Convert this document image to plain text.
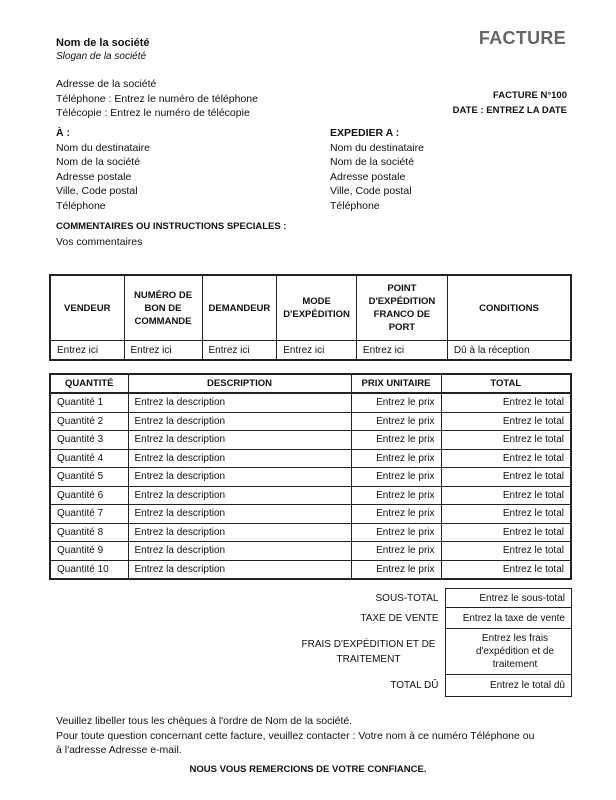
Nom de la société
Slogan de la société
FACTURE
Adresse de la société
Téléphone : Entrez le numéro de téléphone
Télécopie : Entrez le numéro de télécopie
FACTURE N°100
DATE : ENTREZ LA DATE
À :
Nom du destinataire
Nom de la société
Adresse postale
Ville, Code postal
Téléphone
EXPEDIER A :
Nom du destinataire
Nom de la société
Adresse postale
Ville, Code postal
Téléphone
COMMENTAIRES OU INSTRUCTIONS SPECIALES :
Vos commentaires
VENDEUR	NUMÉRO DE BON DE COMMANDE	DEMANDEUR	MODE D'EXPÉDITION	POINT D'EXPÉDITION FRANCO DE PORT	CONDITIONS
Entrez ici	Entrez ici	Entrez ici	Entrez ici	Entrez ici	Dû à la réception
QUANTITÉ	DESCRIPTION	PRIX UNITAIRE	TOTAL
Quantité 1	Entrez la description	Entrez le prix	Entrez le total
Quantité 2	Entrez la description	Entrez le prix	Entrez le total
Quantité 3	Entrez la description	Entrez le prix	Entrez le total
Quantité 4	Entrez la description	Entrez le prix	Entrez le total
Quantité 5	Entrez la description	Entrez le prix	Entrez le total
Quantité 6	Entrez la description	Entrez le prix	Entrez le total
Quantité 7	Entrez la description	Entrez le prix	Entrez le total
Quantité 8	Entrez la description	Entrez le prix	Entrez le total
Quantité 9	Entrez la description	Entrez le prix	Entrez le total
Quantité 10	Entrez la description	Entrez le prix	Entrez le total
SOUS-TOTAL	Entrez le sous-total
TAXE DE VENTE	Entrez la taxe de vente
FRAIS D'EXPÉDITION ET DE TRAITEMENT	Entrez les frais d'expédition et de traitement

TOTAL DÛ	Entrez le total dû
Veuillez libeller tous les chèques à l'ordre de Nom de la société.
Pour toute question concernant cette facture, veuillez contacter : Votre nom à ce numéro Téléphone ou
à l'adresse Adresse e-mail.
NOUS VOUS REMERCIONS DE VOTRE CONFIANCE.
